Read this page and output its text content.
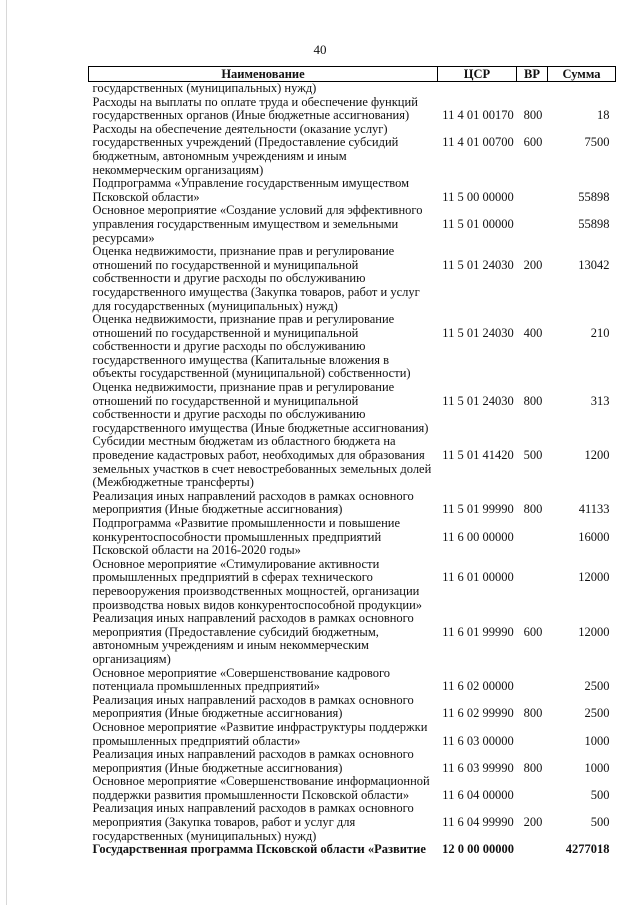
40
Наименование	ЦСР	ВР	Сумма
государственных (муниципальных) нужд)			
Расходы на выплаты по оплате труда и обеспечение функций государственных органов (Иные бюджетные ассигнования)	11 4 01 00170	800	18
Расходы на обеспечение деятельности (оказание услуг) государственных учреждений (Предоставление субсидий бюджетным, автономным учреждениям и иным некоммерческим организациям)	11 4 01 00700	600	7500
Подпрограмма «Управление государственным имуществом Псковской области»	11 5 00 00000		55898
Основное мероприятие «Создание условий для эффективного управления государственным имуществом и земельными ресурсами»	11 5 01 00000		55898
Оценка недвижимости, признание прав и регулирование отношений по государственной и муниципальной собственности и другие расходы по обслуживанию государственного имущества (Закупка товаров, работ и услуг для государственных (муниципальных) нужд)	11 5 01 24030	200	13042
Оценка недвижимости, признание прав и регулирование отношений по государственной и муниципальной собственности и другие расходы по обслуживанию государственного имущества (Капитальные вложения в объекты государственной (муниципальной) собственности)	11 5 01 24030	400	210
Оценка недвижимости, признание прав и регулирование отношений по государственной и муниципальной собственности и другие расходы по обслуживанию государственного имущества (Иные бюджетные ассигнования)	11 5 01 24030	800	313
Субсидии местным бюджетам из областного бюджета на проведение кадастровых работ, необходимых для образования земельных участков в счет невостребованных земельных долей (Межбюджетные трансферты)	11 5 01 41420	500	1200
Реализация иных направлений расходов в рамках основного мероприятия (Иные бюджетные ассигнования)	11 5 01 99990	800	41133
Подпрограмма «Развитие промышленности и повышение конкурентоспособности промышленных предприятий Псковской области на 2016-2020 годы»	11 6 00 00000		16000
Основное мероприятие «Стимулирование активности промышленных предприятий в сферах технического перевооружения производственных мощностей, организации производства новых видов конкурентоспособной продукции»	11 6 01 00000		12000
Реализация иных направлений расходов в рамках основного мероприятия (Предоставление субсидий бюджетным, автономным учреждениям и иным некоммерческим организациям)	11 6 01 99990	600	12000
Основное мероприятие «Совершенствование кадрового потенциала промышленных предприятий»	11 6 02 00000		2500
Реализация иных направлений расходов в рамках основного мероприятия (Иные бюджетные ассигнования)	11 6 02 99990	800	2500
Основное мероприятие «Развитие инфраструктуры поддержки промышленных предприятий области»	11 6 03 00000		1000
Реализация иных направлений расходов в рамках основного мероприятия (Иные бюджетные ассигнования)	11 6 03 99990	800	1000
Основное мероприятие «Совершенствование информационной поддержки развития промышленности Псковской области»	11 6 04 00000		500
Реализация иных направлений расходов в рамках основного мероприятия (Закупка товаров, работ и услуг для государственных (муниципальных) нужд)	11 6 04 99990	200	500
Государственная программа Псковской области «Развитие	12 0 00 00000		4277018
